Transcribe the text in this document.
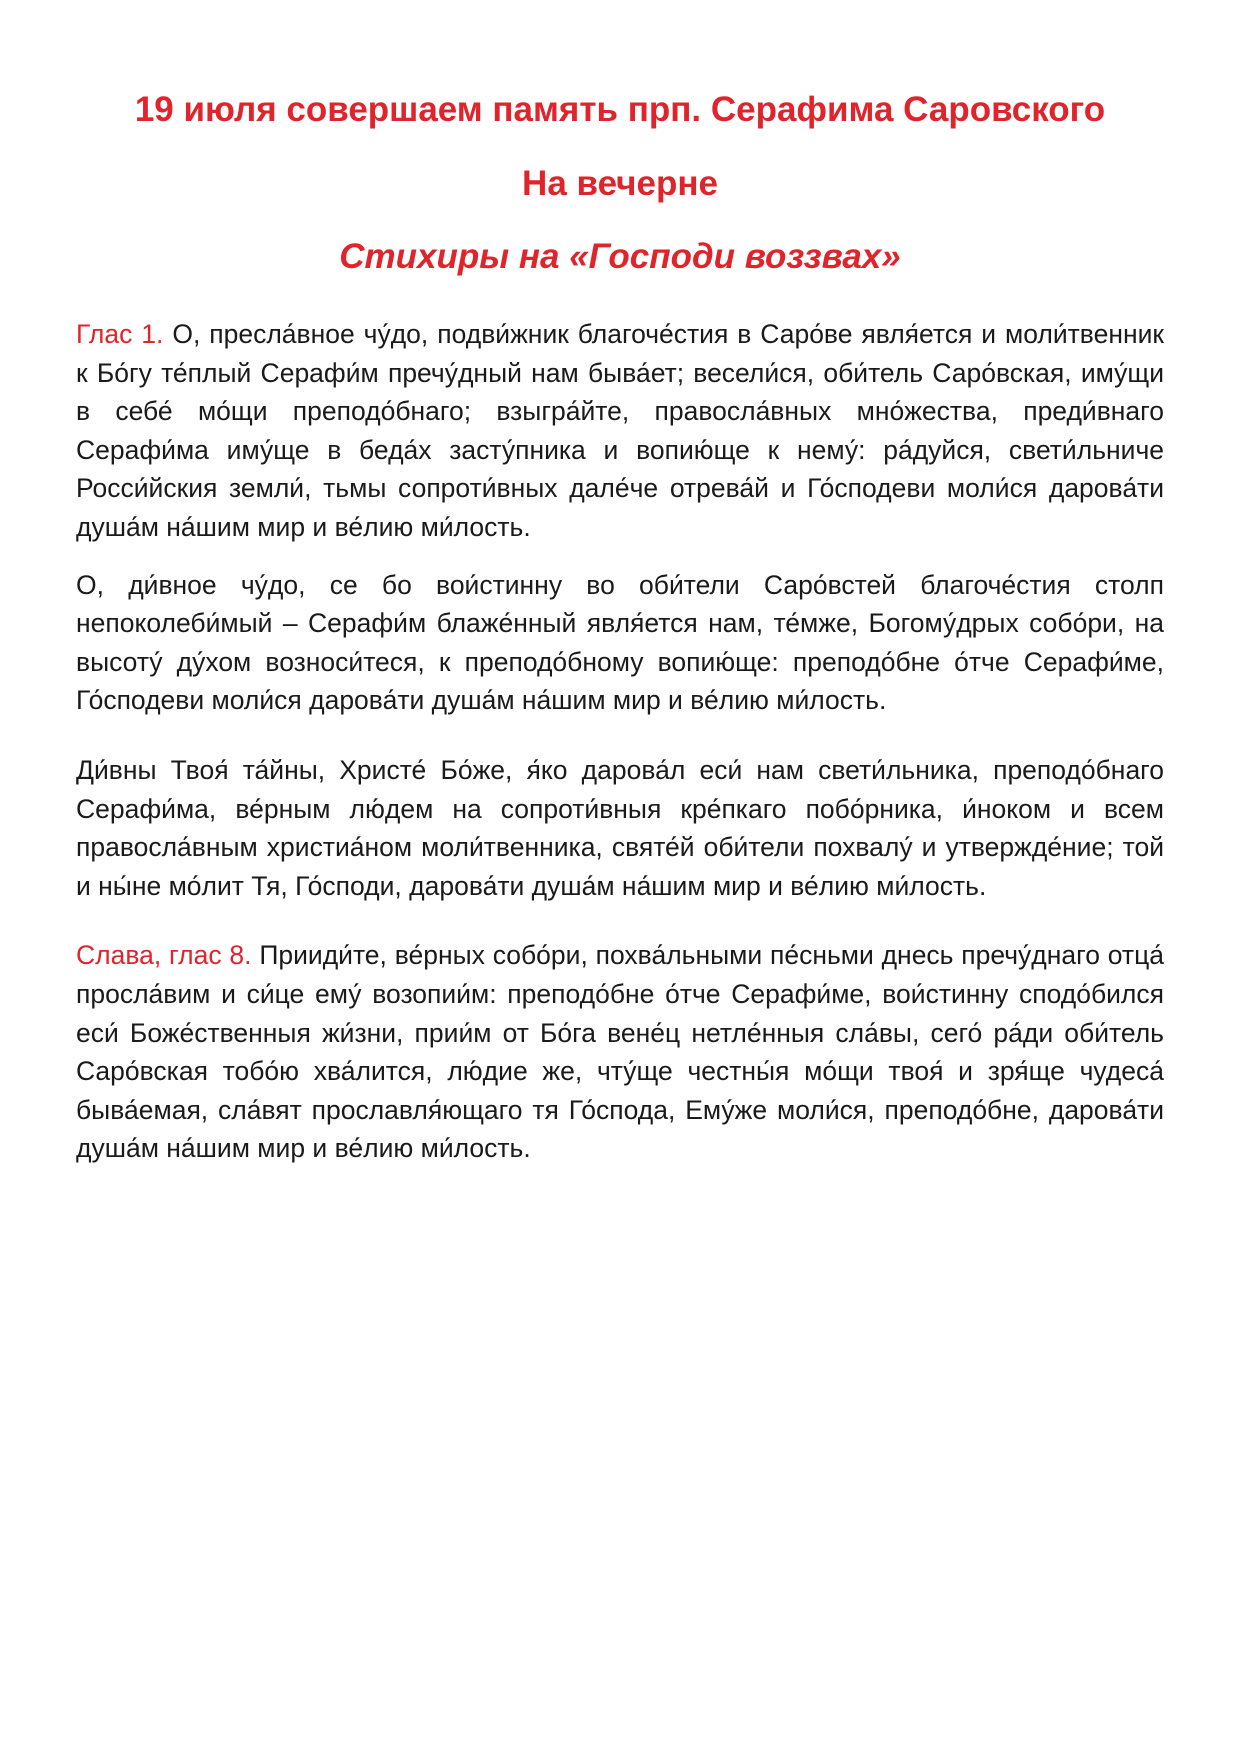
19 июля совершаем память прп. Серафима Саровского
На вечерне
Стихиры на «Господи воззвах»

Глас 1. О, пресла́вное чу́до, подви́жник благоче́стия в Саро́ве явля́ется и моли́твенник к Бо́гу те́плый Серафи́м пречу́дный нам быва́ет; весели́ся, оби́тель Саро́вская, иму́щи в себе́ мо́щи преподо́бнаго; взыгра́йте, правосла́вных мно́жества, преди́внаго Серафи́ма иму́ще в беда́х засту́пника и вопию́ще к нему́: ра́дуйся, свети́льниче Росси́йския земли́, тьмы сопроти́вных дале́че отрева́й и Го́сподеви моли́ся дарова́ти душа́м на́шим мир и ве́лию ми́лость.

О, ди́вное чу́до, се бо вои́стинну во оби́тели Саро́встей благоче́стия столп непоколеби́мый – Серафи́м блаже́нный явля́ется нам, те́мже, Богому́дрых собо́ри, на высоту́ ду́хом возноси́теся, к преподо́бному вопию́ще: преподо́бне о́тче Серафи́ме, Го́сподеви моли́ся дарова́ти душа́м на́шим мир и ве́лию ми́лость.

Ди́вны Твоя́ та́йны, Христе́ Бо́же, я́ко дарова́л еси́ нам свети́льника, преподо́бнаго Серафи́ма, ве́рным лю́дем на сопроти́вныя кре́пкаго побо́рника, и́ноком и всем правосла́вным христиа́ном моли́твенника, святе́й оби́тели похвалу́ и утвержде́ние; той и ны́не мо́лит Тя, Го́споди, дарова́ти душа́м на́шим мир и ве́лию ми́лость.

Слава, глас 8. Прииди́те, ве́рных собо́ри, похва́льными пе́сньми днесь пречу́днаго отца́ просла́вим и си́це ему́ возопии́м: преподо́бне о́тче Серафи́ме, вои́стинну сподо́бился еси́ Боже́ственныя жи́зни, прии́м от Бо́га вене́ц нетле́нныя сла́вы, сего́ ра́ди оби́тель Саро́вская тобо́ю хва́лится, лю́дие же, чту́ще честны́я мо́щи твоя́ и зря́ще чудеса́ быва́емая, сла́вят прославля́ющаго тя Го́спода, Ему́же моли́ся, преподо́бне, дарова́ти душа́м на́шим мир и ве́лию ми́лость.
